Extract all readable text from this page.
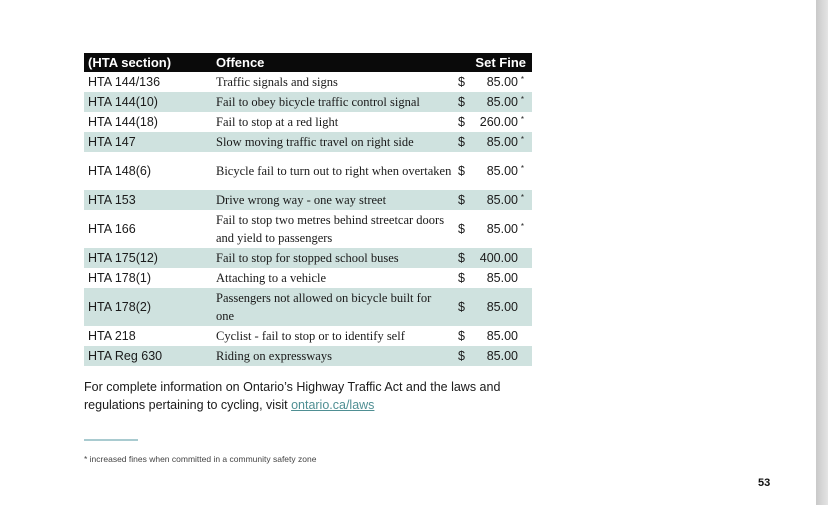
(HTA section)	Offence	Set Fine
HTA 144/136	Traffic signals and signs	$ 85.00 *

HTA 144(10)	Fail to obey bicycle traffic control signal	$ 85.00 *

HTA 144(18)	Fail to stop at a red light	$ 260.00 *

HTA 147	Slow moving traffic travel on right side	$ 85.00 *

HTA 148(6)	Bicycle fail to turn out to right when overtaken	$ 85.00 *

HTA 153	Drive wrong way - one way street	$ 85.00 *

HTA 166	Fail to stop two metres behind streetcar doors and yield to passengers	$ 85.00 *

HTA 175(12)	Fail to stop for stopped school buses	$ 400.00

HTA 178(1)	Attaching to a vehicle	$ 85.00

HTA 178(2)	Passengers not allowed on bicycle built for one	$ 85.00

HTA 218	Cyclist - fail to stop or to identify self	$ 85.00

HTA Reg 630	Riding on expressways	$ 85.00
For complete information on Ontario’s Highway Traffic Act and the laws and regulations pertaining to cycling, visit ontario.ca/laws
* increased fines when committed in a community safety zone
53
